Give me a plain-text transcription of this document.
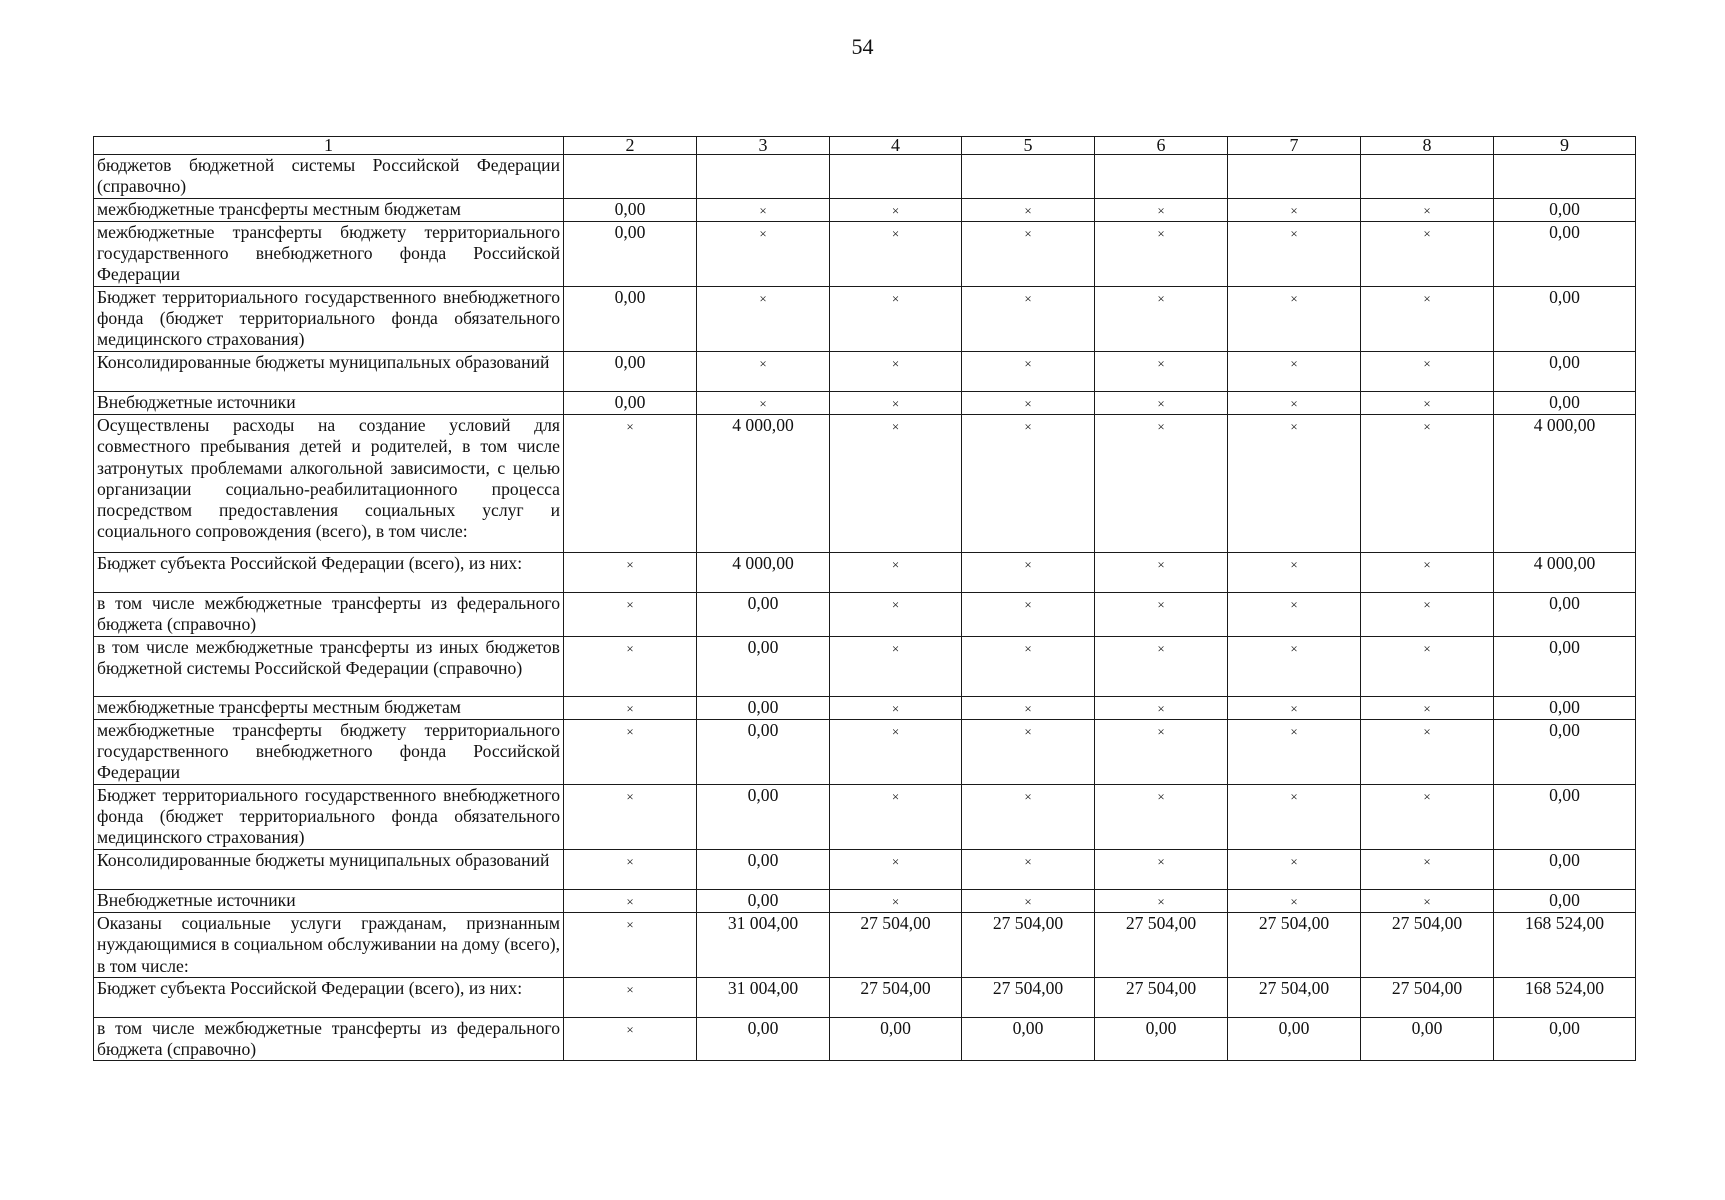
54
1	2	3	4	5	6	7	8	9
бюджетов бюджетной системы Российской Федерации (справочно)								
межбюджетные трансферты местным бюджетам	0,00	×	×	×	×	×	×	0,00
межбюджетные трансферты бюджету территориального государственного внебюджетного фонда Российской Федерации	0,00	×	×	×	×	×	×	0,00
Бюджет территориального государственного внебюджетного фонда (бюджет территориального фонда обязательного медицинского страхования)	0,00	×	×	×	×	×	×	0,00
Консолидированные бюджеты муниципальных образований	0,00	×	×	×	×	×	×	0,00
Внебюджетные источники	0,00	×	×	×	×	×	×	0,00
Осуществлены расходы на создание условий для совместного пребывания детей и родителей, в том числе затронутых проблемами алкогольной зависимости, с целью организации социально-реабилитационного процесса посредством предоставления социальных услуг и социального сопровождения (всего), в том числе:	×	4 000,00	×	×	×	×	×	4 000,00
Бюджет субъекта Российской Федерации (всего), из них:	×	4 000,00	×	×	×	×	×	4 000,00
в том числе межбюджетные трансферты из федерального бюджета (справочно)	×	0,00	×	×	×	×	×	0,00
в том числе межбюджетные трансферты из иных бюджетов бюджетной системы Российской Федерации (справочно)	×	0,00	×	×	×	×	×	0,00
межбюджетные трансферты местным бюджетам	×	0,00	×	×	×	×	×	0,00
межбюджетные трансферты бюджету территориального государственного внебюджетного фонда Российской Федерации	×	0,00	×	×	×	×	×	0,00
Бюджет территориального государственного внебюджетного фонда (бюджет территориального фонда обязательного медицинского страхования)	×	0,00	×	×	×	×	×	0,00
Консолидированные бюджеты муниципальных образований	×	0,00	×	×	×	×	×	0,00
Внебюджетные источники	×	0,00	×	×	×	×	×	0,00
Оказаны социальные услуги гражданам, признанным нуждающимися в социальном обслуживании на дому (всего), в том числе:	×	31 004,00	27 504,00	27 504,00	27 504,00	27 504,00	27 504,00	168 524,00
Бюджет субъекта Российской Федерации (всего), из них:	×	31 004,00	27 504,00	27 504,00	27 504,00	27 504,00	27 504,00	168 524,00
в том числе межбюджетные трансферты из федерального бюджета (справочно)	×	0,00	0,00	0,00	0,00	0,00	0,00	0,00
